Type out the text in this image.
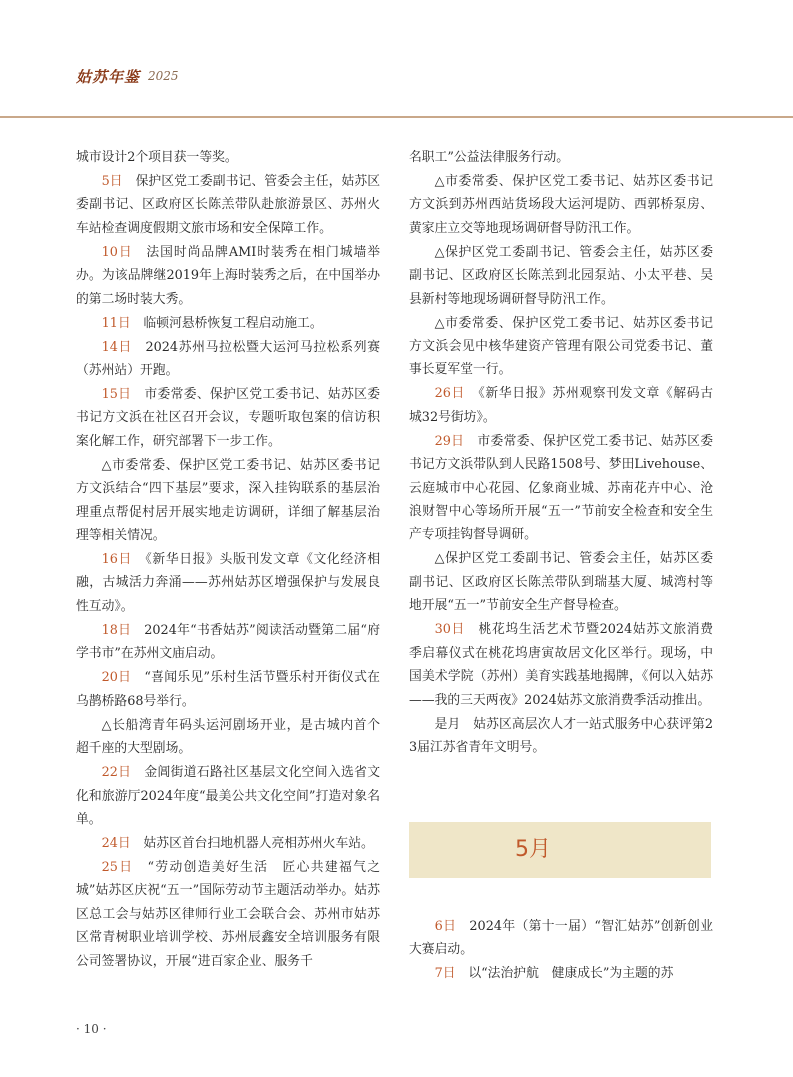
姑苏年鉴 2025

城市设计2个项目获一等奖。

5日　 保护区党工委副书记、管委会主任，姑苏区委副书记、区政府区长陈羔带队赴旅游景区、苏州火车站检查调度假期文旅市场和安全保障工作。

10日　 法国时尚品牌AMI时装秀在相门城墙举办。为该品牌继2019年上海时装秀之后，在中国举办的第二场时装大秀。

11日　 临顿河悬桥恢复工程启动施工。

14日　 2024苏州马拉松暨大运河马拉松系列赛（苏州站）开跑。

15日　 市委常委、保护区党工委书记、姑苏区委书记方文浜在社区召开会议，专题听取包案的信访积案化解工作，研究部署下一步工作。

△市委常委、保护区党工委书记、姑苏区委书记方文浜结合“四下基层”要求，深入挂钩联系的基层治理重点帮促村居开展实地走访调研，详细了解基层治理等相关情况。

16日　 《新华日报》头版刊发文章《文化经济相融，古城活力奔涌——苏州姑苏区增强保护与发展良性互动》。

18日　 2024年“书香姑苏”阅读活动暨第二届“府学书市”在苏州文庙启动。

20日　 “喜闻乐见”乐村生活节暨乐村开街仪式在乌鹊桥路68号举行。

△长船湾青年码头运河剧场开业，是古城内首个超千座的大型剧场。

22日　 金阊街道石路社区基层文化空间入选省文化和旅游厅2024年度“最美公共文化空间”打造对象名单。

24日　 姑苏区首台扫地机器人亮相苏州火车站。

25日　 “劳动创造美好生活　匠心共建福气之城”姑苏区庆祝“五一”国际劳动节主题活动举办。姑苏区总工会与姑苏区律师行业工会联合会、苏州市姑苏区常青树职业培训学校、苏州辰鑫安全培训服务有限公司签署协议，开展“进百家企业、服务千

名职工”公益法律服务行动。

△市委常委、保护区党工委书记、姑苏区委书记方文浜到苏州西站货场段大运河堤防、西郭桥泵房、黄家庄立交等地现场调研督导防汛工作。

△保护区党工委副书记、管委会主任，姑苏区委副书记、区政府区长陈羔到北园泵站、小太平巷、吴县新村等地现场调研督导防汛工作。

△市委常委、保护区党工委书记、姑苏区委书记方文浜会见中核华建资产管理有限公司党委书记、董事长夏军堂一行。

26日　 《新华日报》苏州观察刊发文章《解码古城32号街坊》。

29日　 市委常委、保护区党工委书记、姑苏区委书记方文浜带队到人民路1508号、梦田Livehouse、云庭城市中心花园、亿象商业城、苏南花卉中心、沧浪财智中心等场所开展“五一”节前安全检查和安全生产专项挂钩督导调研。

△保护区党工委副书记、管委会主任，姑苏区委副书记、区政府区长陈羔带队到瑞基大厦、城湾村等地开展“五一”节前安全生产督导检查。

30日　 桃花坞生活艺术节暨2024姑苏文旅消费季启幕仪式在桃花坞唐寅故居文化区举行。现场，中国美术学院（苏州）美育实践基地揭牌，《何以入姑苏——我的三天两夜》2024姑苏文旅消费季活动推出。

是月　 姑苏区高层次人才一站式服务中心获评第23届江苏省青年文明号。

5月

6日　 2024年（第十一届）“智汇姑苏”创新创业大赛启动。

7日　 以“法治护航　健康成长”为主题的苏

· 10 ·
